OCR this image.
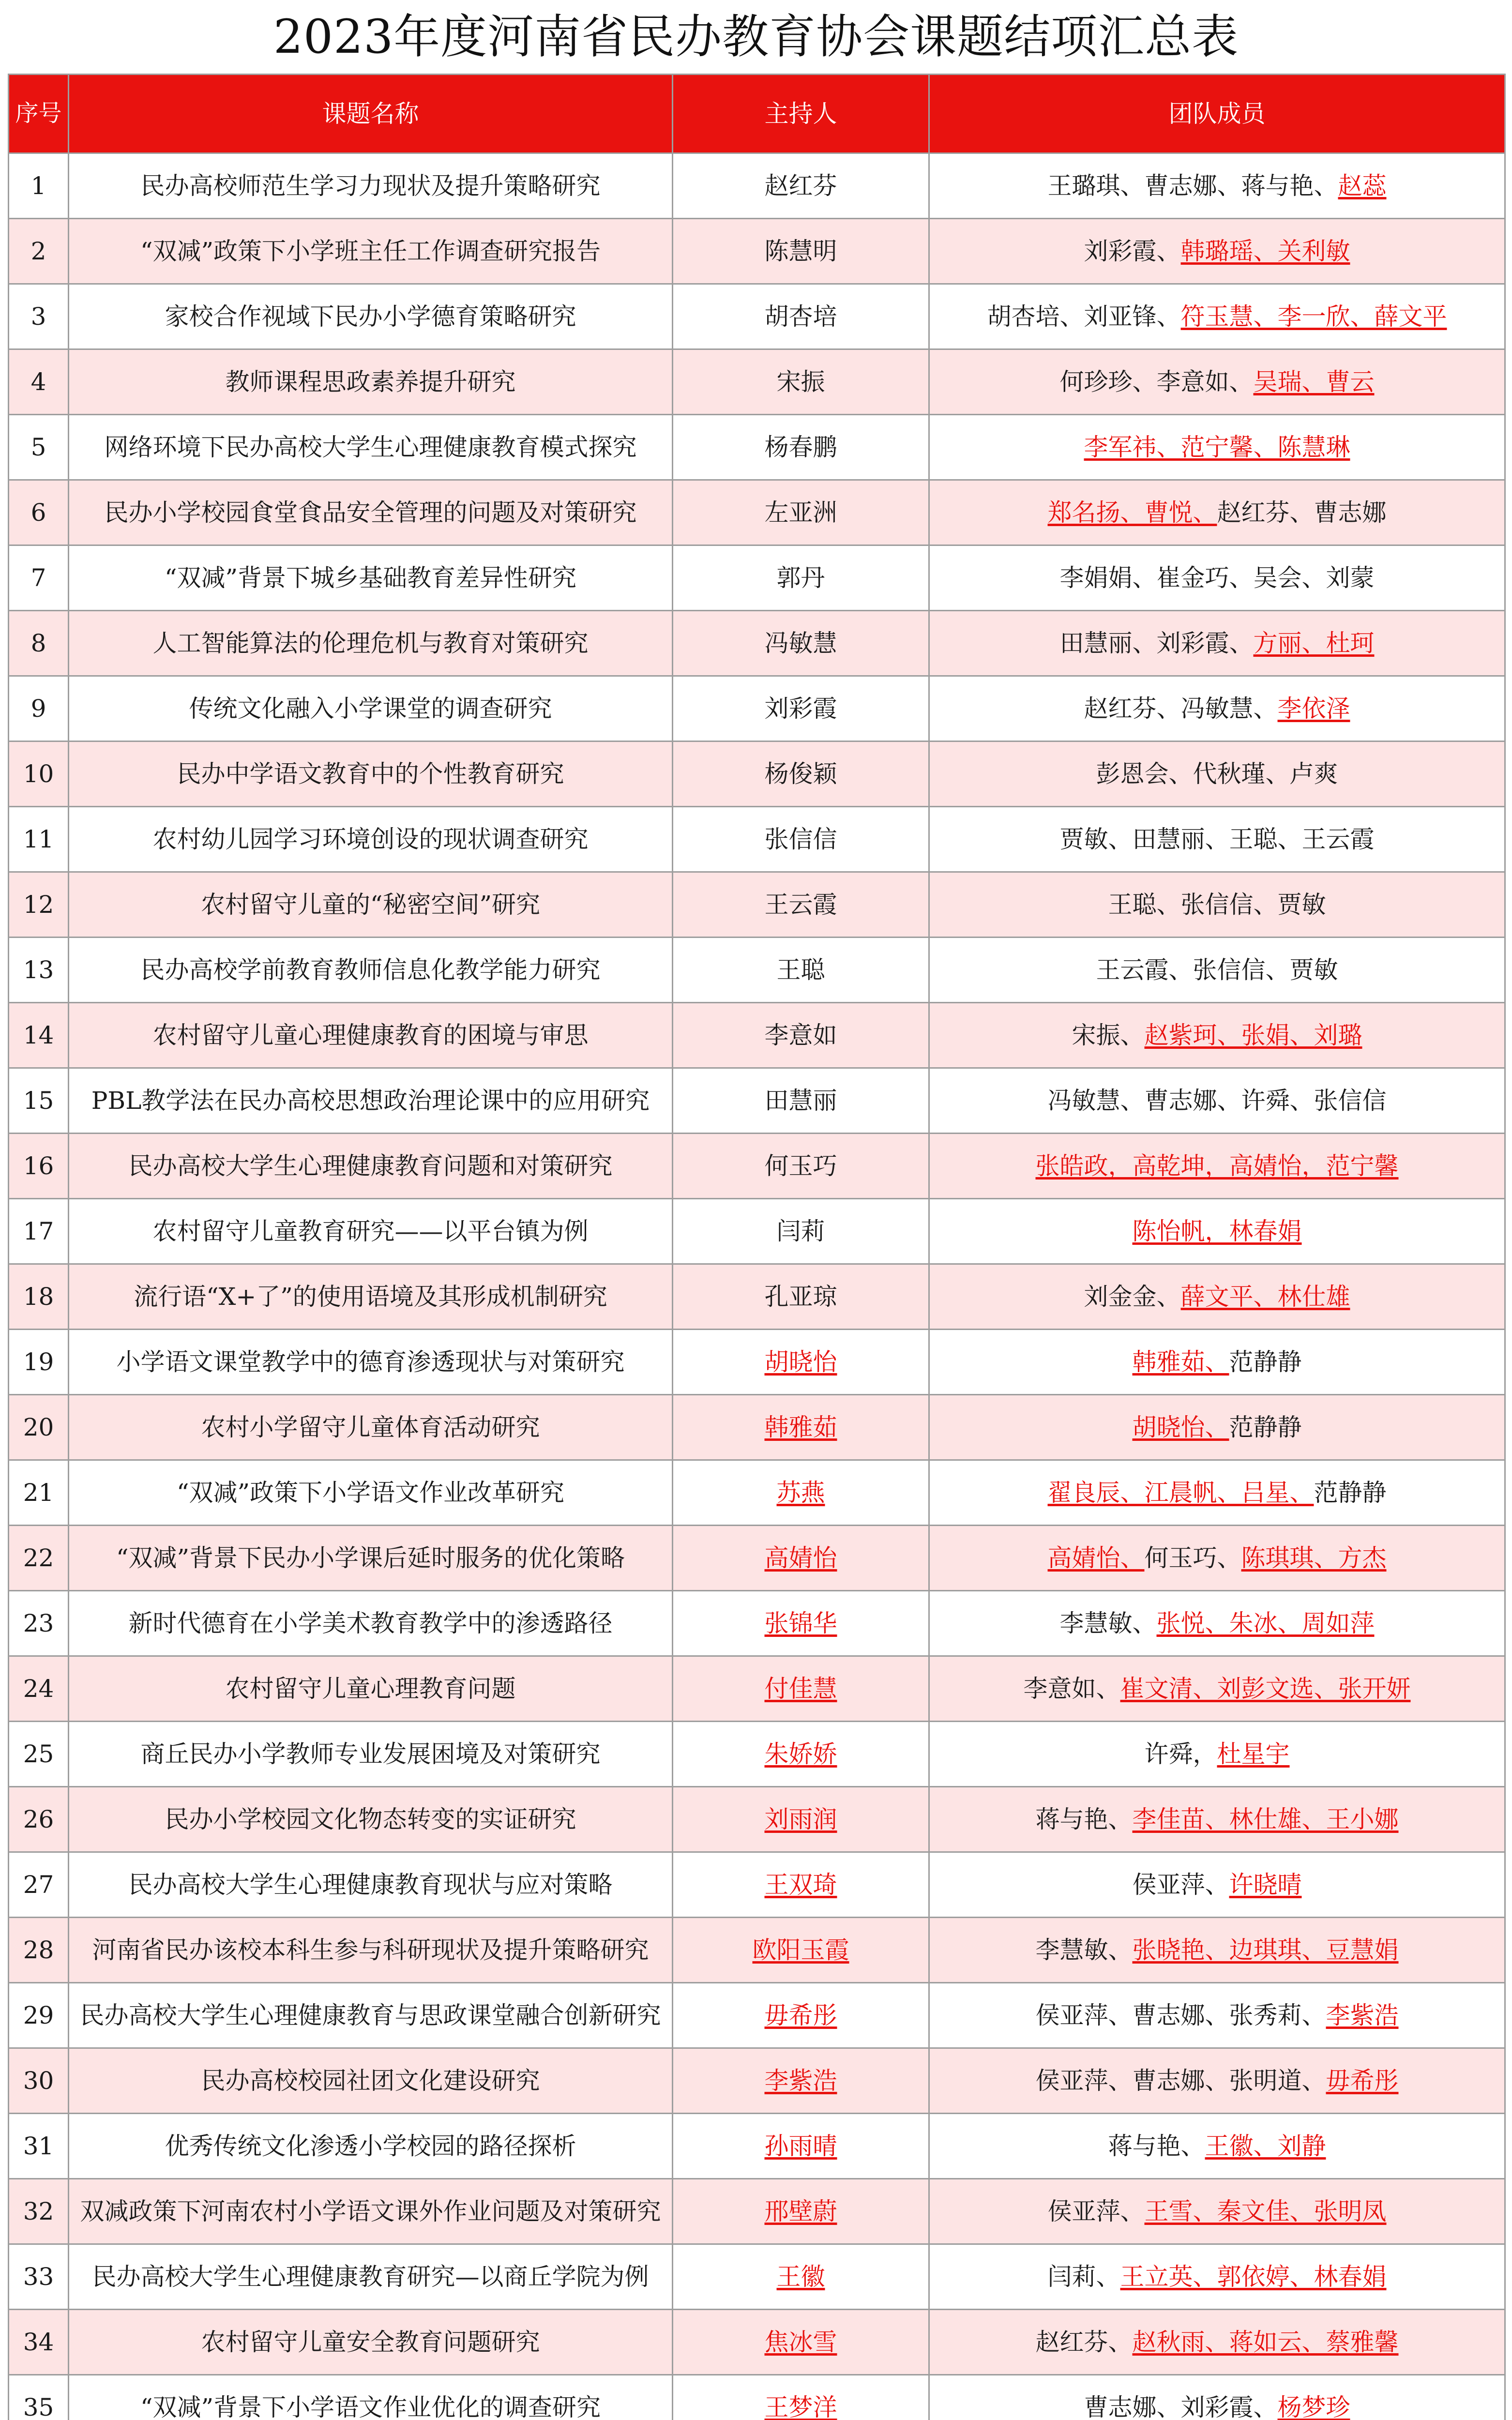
2023年度河南省民办教育协会课题结项汇总表
序号	课题名称	主持人	团队成员
1	民办高校师范生学习力现状及提升策略研究	赵红芬	王璐琪、曹志娜、蒋与艳、赵蕊
2	“双减”政策下小学班主任工作调查研究报告	陈慧明	刘彩霞、韩璐瑶、关利敏
3	家校合作视域下民办小学德育策略研究	胡杏培	胡杏培、刘亚锋、符玉慧、李一欣、薛文平
4	教师课程思政素养提升研究	宋振	何珍珍、李意如、吴瑞、曹云
5	网络环境下民办高校大学生心理健康教育模式探究	杨春鹏	李军祎、范宁馨、陈慧琳
6	民办小学校园食堂食品安全管理的问题及对策研究	左亚洲	郑名扬、曹悦、赵红芬、曹志娜
7	“双减”背景下城乡基础教育差异性研究	郭丹	李娟娟、崔金巧、吴会、刘蒙
8	人工智能算法的伦理危机与教育对策研究	冯敏慧	田慧丽、刘彩霞、方丽、杜珂
9	传统文化融入小学课堂的调查研究	刘彩霞	赵红芬、冯敏慧、李依泽
10	民办中学语文教育中的个性教育研究	杨俊颖	彭恩会、代秋瑾、卢爽
11	农村幼儿园学习环境创设的现状调查研究	张信信	贾敏、田慧丽、王聪、王云霞
12	农村留守儿童的“秘密空间”研究	王云霞	王聪、张信信、贾敏
13	民办高校学前教育教师信息化教学能力研究	王聪	王云霞、张信信、贾敏
14	农村留守儿童心理健康教育的困境与审思	李意如	宋振、赵紫珂、张娟、刘璐
15	PBL教学法在民办高校思想政治理论课中的应用研究	田慧丽	冯敏慧、曹志娜、许舜、张信信
16	民办高校大学生心理健康教育问题和对策研究	何玉巧	张皓政，高乾坤，高婧怡，范宁馨
17	农村留守儿童教育研究——以平台镇为例	闫莉	陈怡帆，林春娟
18	流行语“X+了”的使用语境及其形成机制研究	孔亚琼	刘金金、薛文平、林仕雄
19	小学语文课堂教学中的德育渗透现状与对策研究	胡晓怡	韩雅茹、范静静
20	农村小学留守儿童体育活动研究	韩雅茹	胡晓怡、范静静
21	“双减”政策下小学语文作业改革研究	苏燕	翟良辰、江晨帆、吕星、范静静
22	“双减”背景下民办小学课后延时服务的优化策略	高婧怡	高婧怡、何玉巧、陈琪琪、方杰
23	新时代德育在小学美术教育教学中的渗透路径	张锦华	李慧敏、张悦、朱冰、周如萍
24	农村留守儿童心理教育问题	付佳慧	李意如、崔文清、刘彭文选、张开妍
25	商丘民办小学教师专业发展困境及对策研究	朱娇娇	许舜，杜星宇
26	民办小学校园文化物态转变的实证研究	刘雨润	蒋与艳、李佳苗、林仕雄、王小娜
27	民办高校大学生心理健康教育现状与应对策略	王双琦	侯亚萍、许晓晴
28	河南省民办该校本科生参与科研现状及提升策略研究	欧阳玉霞	李慧敏、张晓艳、边琪琪、豆慧娟
29	民办高校大学生心理健康教育与思政课堂融合创新研究	毋希彤	侯亚萍、曹志娜、张秀莉、李紫浩
30	民办高校校园社团文化建设研究	李紫浩	侯亚萍、曹志娜、张明道、毋希彤
31	优秀传统文化渗透小学校园的路径探析	孙雨晴	蒋与艳、王徽、刘静
32	双减政策下河南农村小学语文课外作业问题及对策研究	邢壁蔚	侯亚萍、王雪、秦文佳、张明凤
33	民办高校大学生心理健康教育研究—以商丘学院为例	王徽	闫莉、王立英、郭依婷、林春娟
34	农村留守儿童安全教育问题研究	焦冰雪	赵红芬、赵秋雨、蒋如云、蔡雅馨
35	“双减”背景下小学语文作业优化的调查研究	王梦洋	曹志娜、刘彩霞、杨梦珍
